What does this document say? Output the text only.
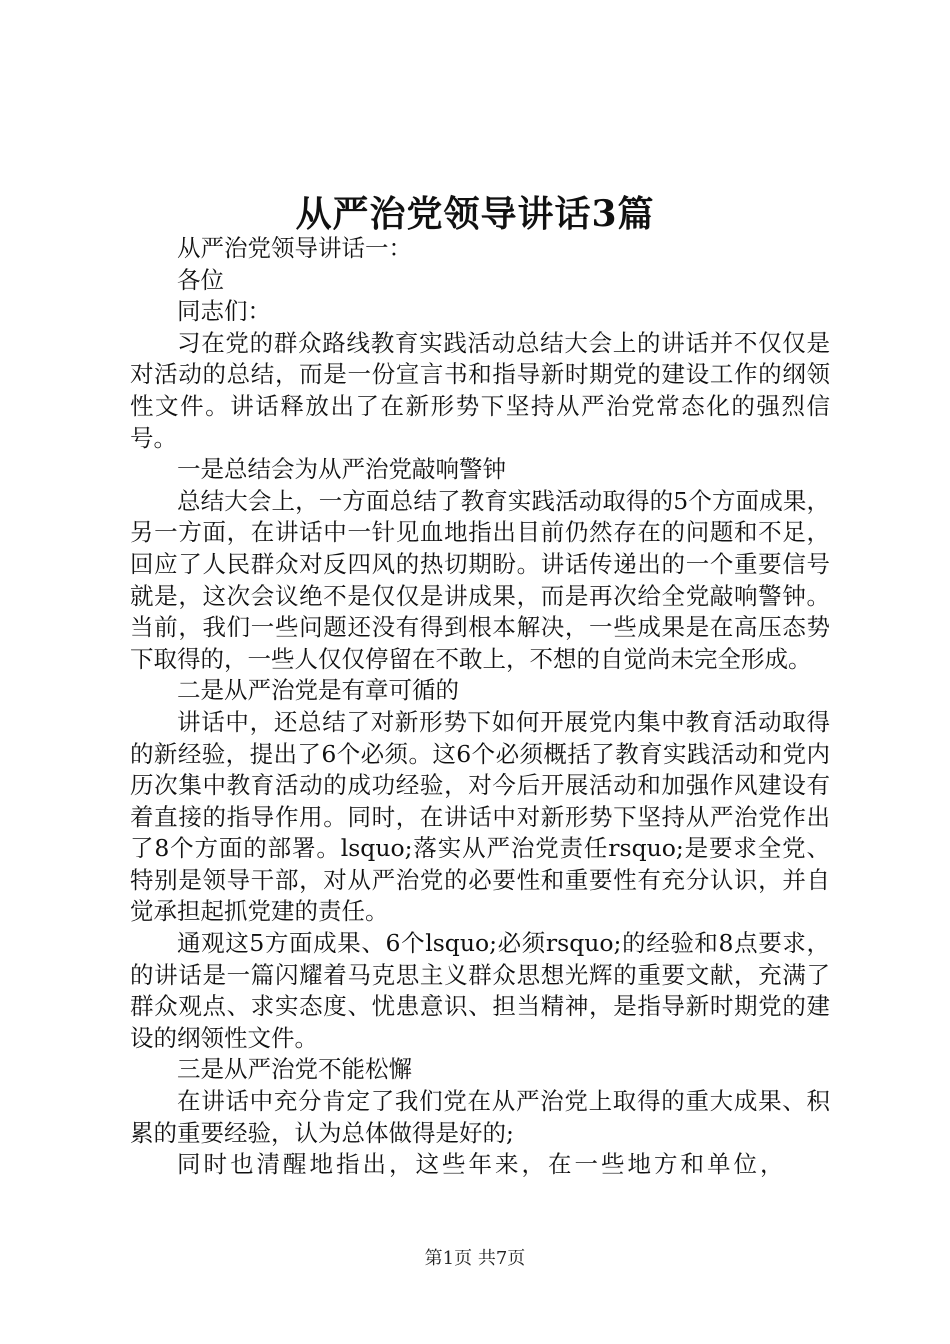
从严治党领导讲话3篇

从严治党领导讲话一：

各位

同志们：

习在党的群众路线教育实践活动总结大会上的讲话并不仅仅是对活动的总结，而是一份宣言书和指导新时期党的建设工作的纲领性文件。讲话释放出了在新形势下坚持从严治党常态化的强烈信号。

一是总结会为从严治党敲响警钟

总结大会上，一方面总结了教育实践活动取得的5个方面成果，另一方面，在讲话中一针见血地指出目前仍然存在的问题和不足，回应了人民群众对反四风的热切期盼。讲话传递出的一个重要信号就是，这次会议绝不是仅仅是讲成果，而是再次给全党敲响警钟。当前，我们一些问题还没有得到根本解决，一些成果是在高压态势下取得的，一些人仅仅停留在不敢上，不想的自觉尚未完全形成。

二是从严治党是有章可循的

讲话中，还总结了对新形势下如何开展党内集中教育活动取得的新经验，提出了6个必须。这6个必须概括了教育实践活动和党内历次集中教育活动的成功经验，对今后开展活动和加强作风建设有着直接的指导作用。同时，在讲话中对新形势下坚持从严治党作出了8个方面的部署。lsquo;落实从严治党责任rsquo;是要求全党、特别是领导干部，对从严治党的必要性和重要性有充分认识，并自觉承担起抓党建的责任。

通观这5方面成果、6个lsquo;必须rsquo;的经验和8点要求，的讲话是一篇闪耀着马克思主义群众思想光辉的重要文献，充满了群众观点、求实态度、忧患意识、担当精神，是指导新时期党的建设的纲领性文件。

三是从严治党不能松懈

在讲话中充分肯定了我们党在从严治党上取得的重大成果、积累的重要经验，认为总体做得是好的;

同时也清醒地指出，这些年来，在一些地方和单位，

第1页 共7页
